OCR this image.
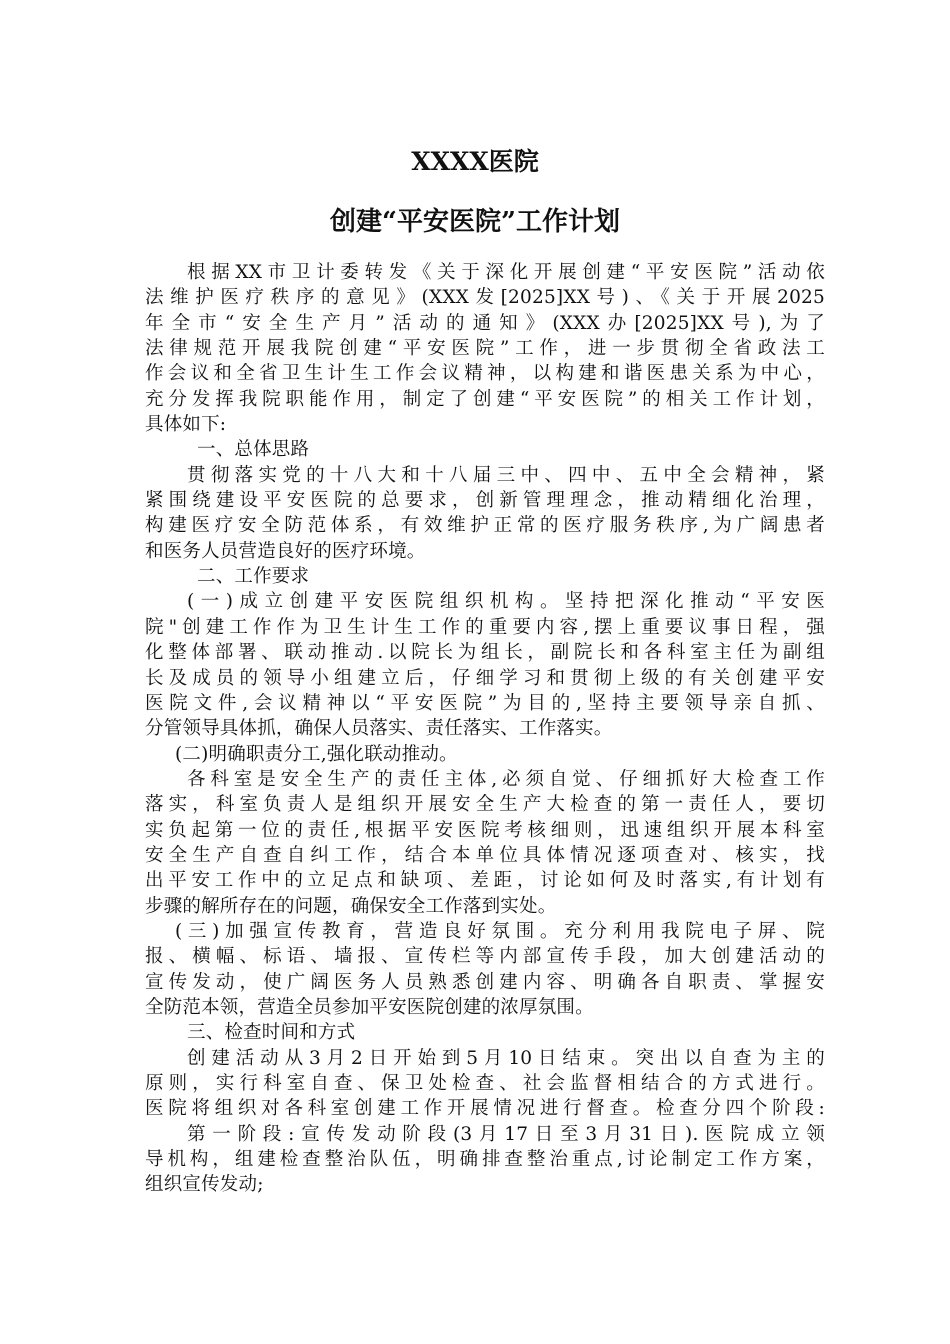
XXXX医院
创建“平安医院”工作计划
根据XX市卫计委转发《关于深化开展创建“平安医院”活动依
法维护医疗秩序的意见》(XXX发[2025]XX号)、《关于开展2025
年全市“安全生产月”活动的通知》(XXX办[2025]XX号),为了
法律规范开展我院创建“平安医院”工作，进一步贯彻全省政法工
作会议和全省卫生计生工作会议精神，以构建和谐医患关系为中心，
充分发挥我院职能作用，制定了创建“平安医院”的相关工作计划，
具体如下:
一、总体思路
贯彻落实党的十八大和十八届三中、四中、五中全会精神，紧
紧围绕建设平安医院的总要求，创新管理理念，推动精细化治理，
构建医疗安全防范体系，有效维护正常的医疗服务秩序,为广阔患者
和医务人员营造良好的医疗环境。
二、工作要求
(一)成立创建平安医院组织机构。坚持把深化推动“平安医
院"创建工作作为卫生计生工作的重要内容,摆上重要议事日程，强
化整体部署、联动推动.以院长为组长，副院长和各科室主任为副组
长及成员的领导小组建立后，仔细学习和贯彻上级的有关创建平安
医院文件,会议精神以“平安医院”为目的,坚持主要领导亲自抓、
分管领导具体抓，确保人员落实、责任落实、工作落实。
(二)明确职责分工,强化联动推动。
各科室是安全生产的责任主体,必须自觉、仔细抓好大检查工作
落实，科室负责人是组织开展安全生产大检查的第一责任人，要切
实负起第一位的责任,根据平安医院考核细则，迅速组织开展本科室
安全生产自查自纠工作，结合本单位具体情况逐项查对、核实，找
出平安工作中的立足点和缺项、差距，讨论如何及时落实,有计划有
步骤的解所存在的问题，确保安全工作落到实处。
(三)加强宣传教育，营造良好氛围。充分利用我院电子屏、院
报、横幅、标语、墙报、宣传栏等内部宣传手段，加大创建活动的
宣传发动，使广阔医务人员熟悉创建内容、明确各自职责、掌握安
全防范本领，营造全员参加平安医院创建的浓厚氛围。
三、检查时间和方式
创建活动从3月2日开始到5月10日结束。突出以自查为主的
原则，实行科室自查、保卫处检查、社会监督相结合的方式进行。
医院将组织对各科室创建工作开展情况进行督查。检查分四个阶段:
第一阶段:宣传发动阶段(3月17日至3月31日).医院成立领
导机构，组建检查整治队伍，明确排查整治重点,讨论制定工作方案，
组织宣传发动;
